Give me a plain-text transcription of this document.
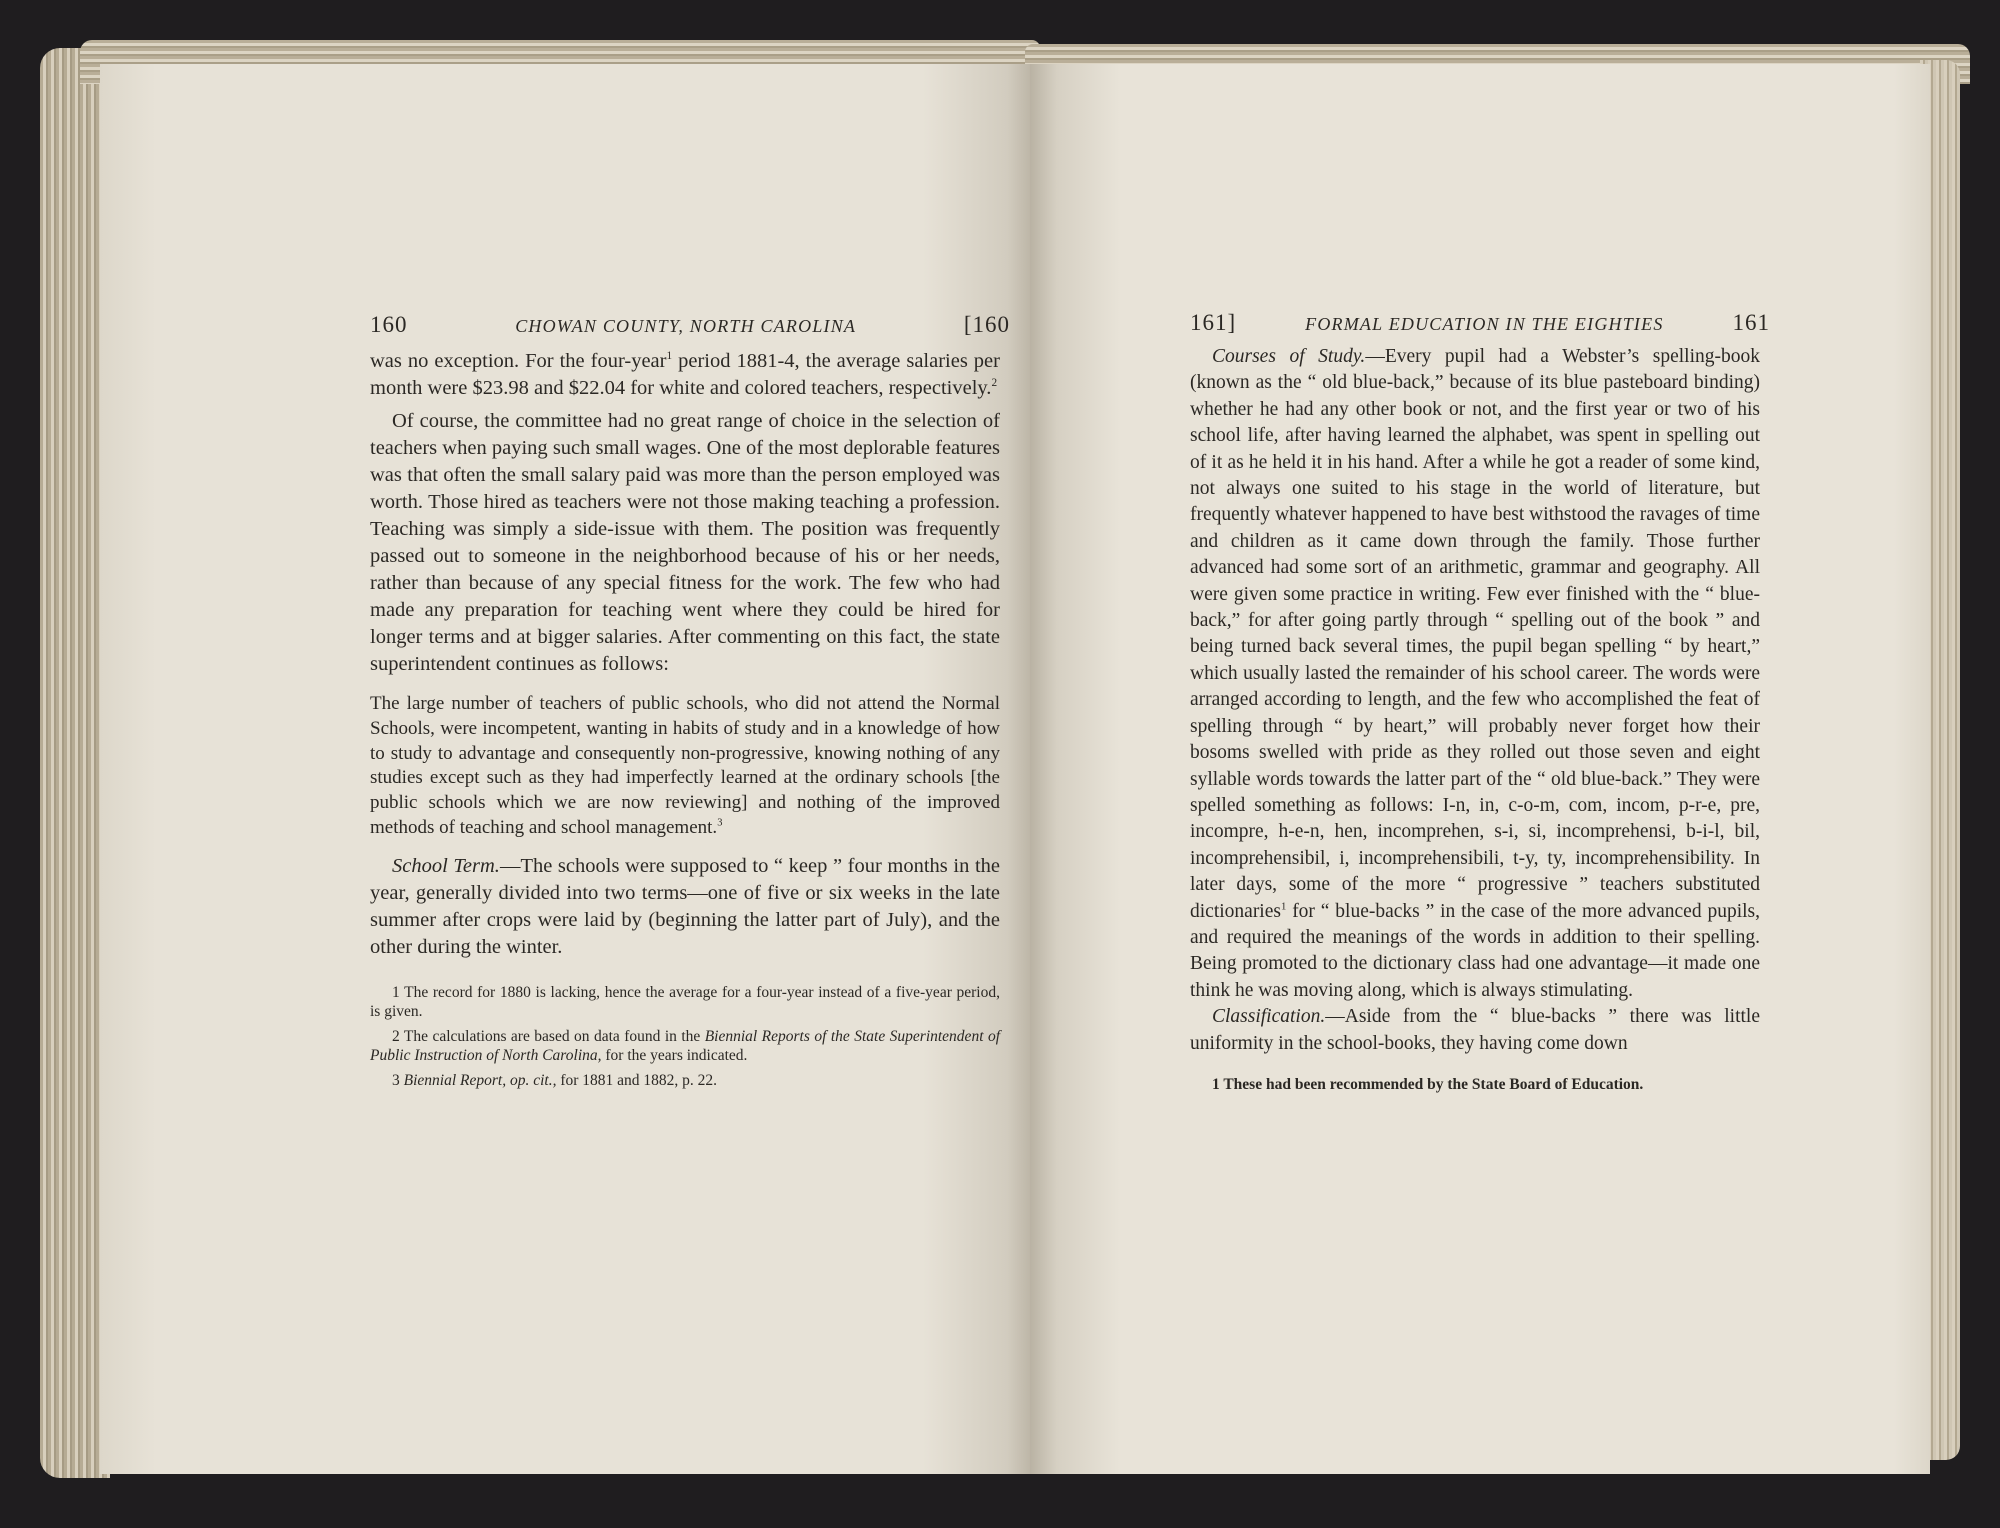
160	CHOWAN COUNTY, NORTH CAROLINA	[160

was no exception. For the four-year$^1$ period 1881-4, the average salaries per month were $23.98 and $22.04 for white and colored teachers, respectively.$^2$

Of course, the committee had no great range of choice in the selection of teachers when paying such small wages. One of the most deplorable features was that often the small salary paid was more than the person employed was worth. Those hired as teachers were not those making teaching a profession. Teaching was simply a side-issue with them. The position was frequently passed out to someone in the neighborhood because of his or her needs, rather than because of any special fitness for the work. The few who had made any preparation for teaching went where they could be hired for longer terms and at bigger salaries. After commenting on this fact, the state superintendent continues as follows:

The large number of teachers of public schools, who did not attend the Normal Schools, were incompetent, wanting in habits of study and in a knowledge of how to study to advantage and consequently non-progressive, knowing nothing of any studies except such as they had imperfectly learned at the ordinary schools [the public schools which we are now reviewing] and nothing of the improved methods of teaching and school management.$^3$

School Term.—The schools were supposed to “ keep ” four months in the year, generally divided into two terms—one of five or six weeks in the late summer after crops were laid by (beginning the latter part of July), and the other during the winter.

1 The record for 1880 is lacking, hence the average for a four-year instead of a five-year period, is given.

2 The calculations are based on data found in the Biennial Reports of the State Superintendent of Public Instruction of North Carolina, for the years indicated.

3 Biennial Report, op. cit., for 1881 and 1882, p. 22.

161]	FORMAL EDUCATION IN THE EIGHTIES	161

Courses of Study.—Every pupil had a Webster’s spelling-book (known as the “ old blue-back,” because of its blue pasteboard binding) whether he had any other book or not, and the first year or two of his school life, after having learned the alphabet, was spent in spelling out of it as he held it in his hand. After a while he got a reader of some kind, not always one suited to his stage in the world of literature, but frequently whatever happened to have best withstood the ravages of time and children as it came down through the family. Those further advanced had some sort of an arithmetic, grammar and geography. All were given some practice in writing. Few ever finished with the “ blue-back,” for after going partly through “ spelling out of the book ” and being turned back several times, the pupil began spelling “ by heart,” which usually lasted the remainder of his school career. The words were arranged according to length, and the few who accomplished the feat of spelling through “ by heart,” will probably never forget how their bosoms swelled with pride as they rolled out those seven and eight syllable words towards the latter part of the “ old blue-back.” They were spelled something as follows: I-n, in, c-o-m, com, incom, p-r-e, pre, incompre, h-e-n, hen, incomprehen, s-i, si, incomprehensi, b-i-l, bil, incomprehensibil, i, incomprehensibili, t-y, ty, incomprehensibility. In later days, some of the more “ progressive ” teachers substituted dictionaries$^1$ for “ blue-backs ” in the case of the more advanced pupils, and required the meanings of the words in addition to their spelling. Being promoted to the dictionary class had one advantage—it made one think he was moving along, which is always stimulating.

Classification.—Aside from the “ blue-backs ” there was little uniformity in the school-books, they having come down

1 These had been recommended by the State Board of Education.
